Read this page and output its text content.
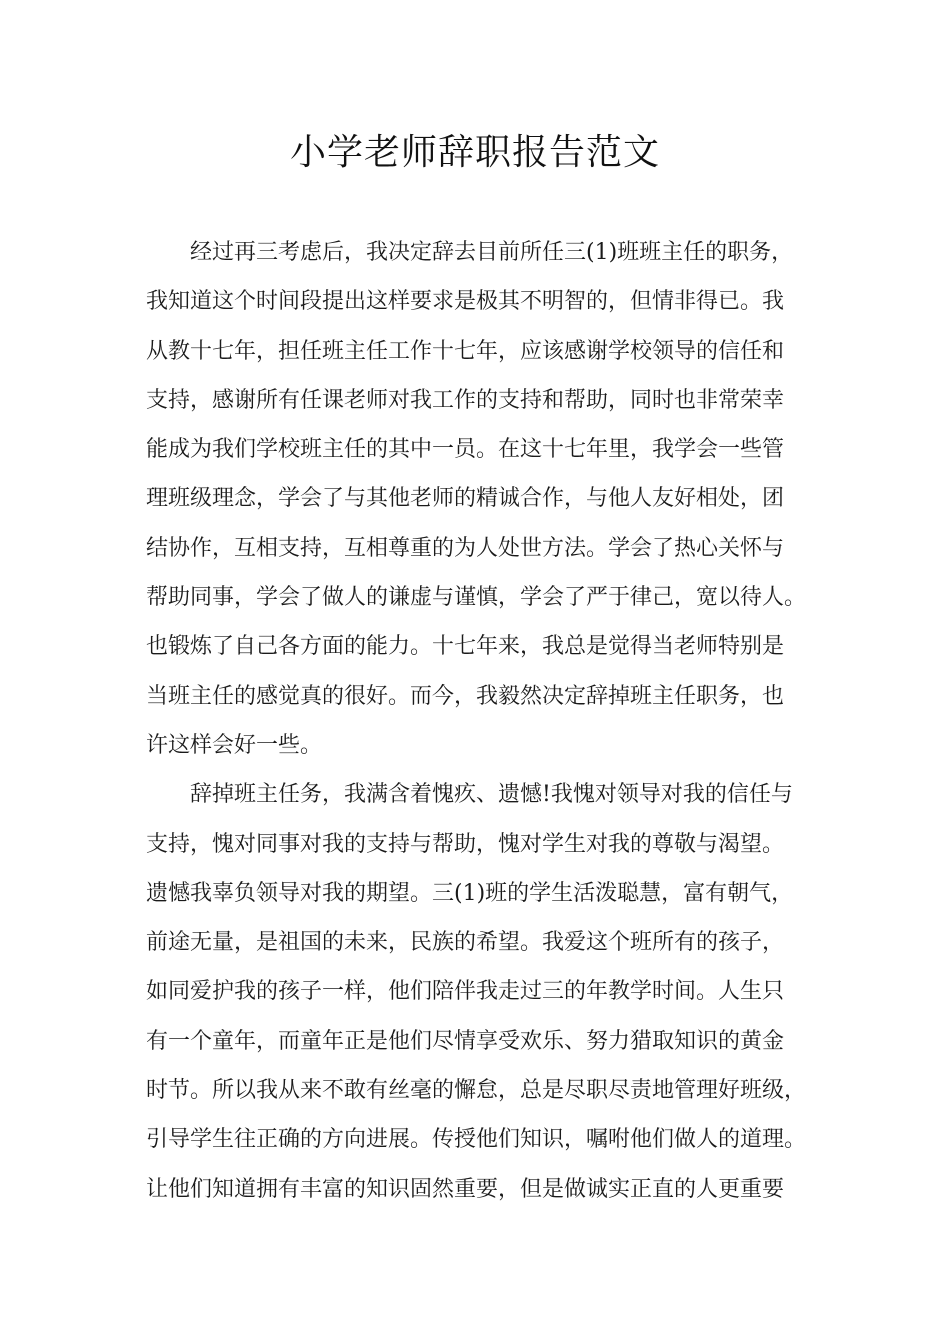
小学老师辞职报告范文
经过再三考虑后，我决定辞去目前所任三(1)班班主任的职务，
我知道这个时间段提出这样要求是极其不明智的，但情非得已。我
从教十七年，担任班主任工作十七年，应该感谢学校领导的信任和
支持，感谢所有任课老师对我工作的支持和帮助，同时也非常荣幸
能成为我们学校班主任的其中一员。在这十七年里，我学会一些管
理班级理念，学会了与其他老师的精诚合作，与他人友好相处，团
结协作，互相支持，互相尊重的为人处世方法。学会了热心关怀与
帮助同事，学会了做人的谦虚与谨慎，学会了严于律己，宽以待人。
也锻炼了自己各方面的能力。十七年来，我总是觉得当老师特别是
当班主任的感觉真的很好。而今，我毅然决定辞掉班主任职务，也
许这样会好一些。
辞掉班主任务，我满含着愧疚、遗憾!我愧对领导对我的信任与
支持，愧对同事对我的支持与帮助，愧对学生对我的尊敬与渴望。
遗憾我辜负领导对我的期望。三(1)班的学生活泼聪慧，富有朝气，
前途无量，是祖国的未来，民族的希望。我爱这个班所有的孩子，
如同爱护我的孩子一样，他们陪伴我走过三的年教学时间。人生只
有一个童年，而童年正是他们尽情享受欢乐、努力猎取知识的黄金
时节。所以我从来不敢有丝毫的懈怠，总是尽职尽责地管理好班级，
引导学生往正确的方向进展。传授他们知识，嘱咐他们做人的道理。
让他们知道拥有丰富的知识固然重要，但是做诚实正直的人更重要
